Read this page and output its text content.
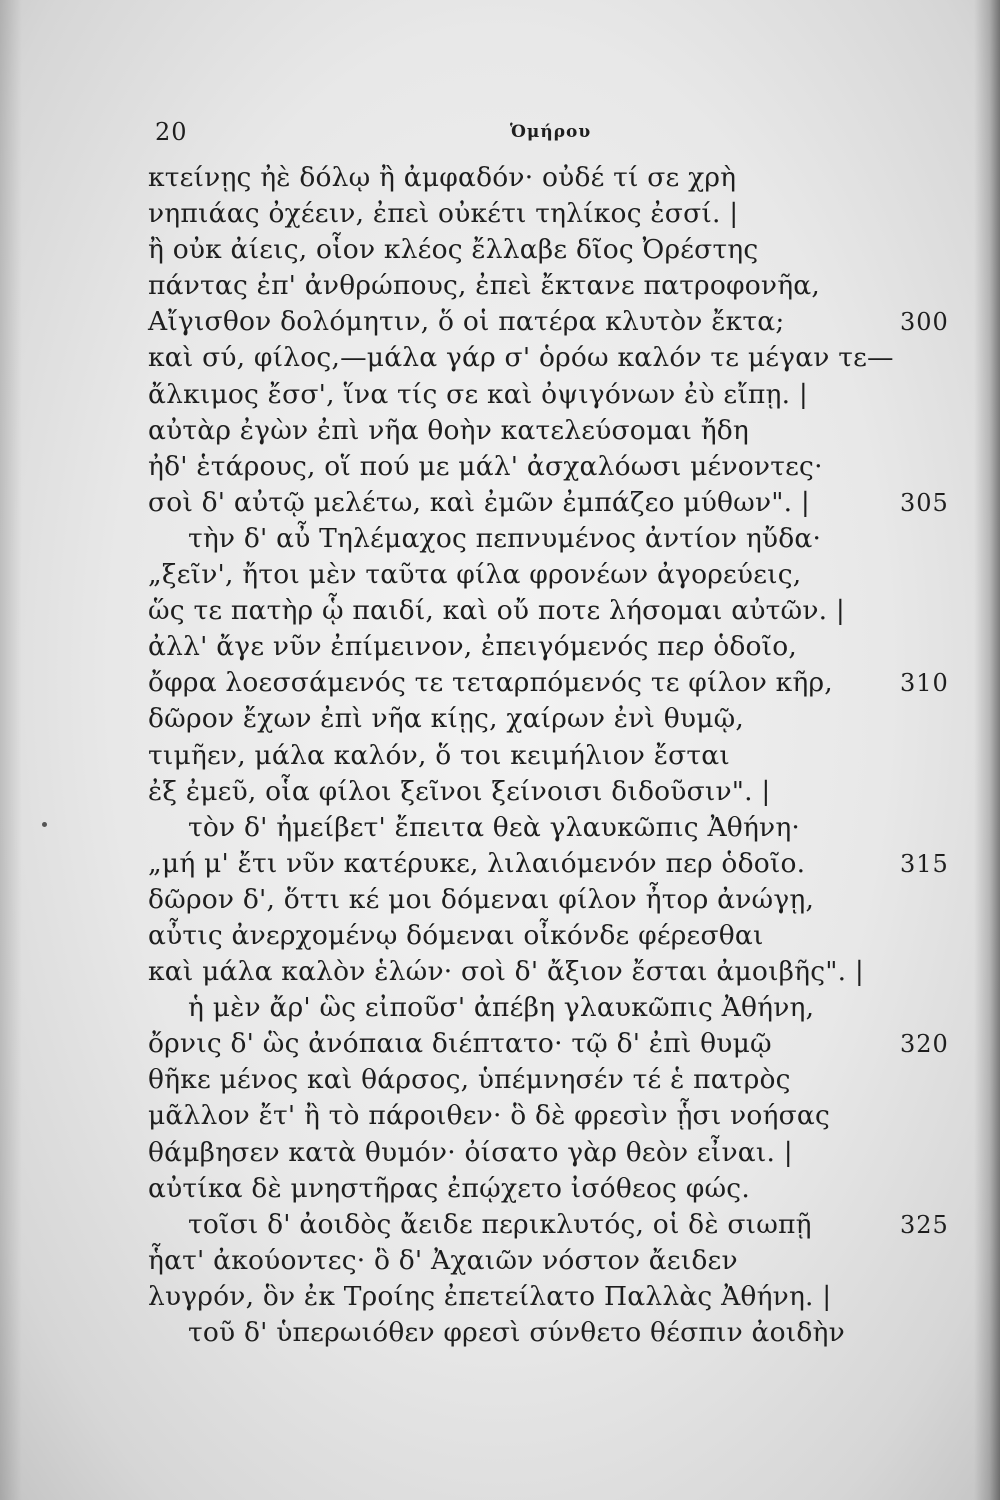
20	Ὁμήρου
κτείνῃς ἠὲ δόλῳ ἢ ἀμφαδόν· οὐδέ τί σε χρὴ
νηπιάας ὀχέειν, ἐπεὶ οὐκέτι τηλίκος ἐσσί. |
ἢ οὐκ ἀίεις, οἷον κλέος ἔλλαβε δῖος Ὀρέστης
πάντας ἐπ' ἀνθρώπους, ἐπεὶ ἔκτανε πατροφονῆα,
Αἴγισθον δολόμητιν, ὅ οἱ πατέρα κλυτὸν ἔκτα;	300
καὶ σύ, φίλος,—μάλα γάρ σ' ὁρόω καλόν τε μέγαν τε—
ἄλκιμος ἔσσ', ἵνα τίς σε καὶ ὀψιγόνων ἐὺ εἴπῃ. |
αὐτὰρ ἐγὼν ἐπὶ νῆα θοὴν κατελεύσομαι ἤδη
ἠδ' ἑτάρους, οἵ πού με μάλ' ἀσχαλόωσι μένοντες·
σοὶ δ' αὐτῷ μελέτω, καὶ ἐμῶν ἐμπάζεο μύθων". |	305
τὴν δ' αὖ Τηλέμαχος πεπνυμένος ἀντίον ηὔδα·
„ξεῖν', ἤτοι μὲν ταῦτα φίλα φρονέων ἀγορεύεις,
ὥς τε πατὴρ ᾧ παιδί, καὶ οὔ ποτε λήσομαι αὐτῶν. |
ἀλλ' ἄγε νῦν ἐπίμεινον, ἐπειγόμενός περ ὁδοῖο,
ὄφρα λοεσσάμενός τε τεταρπόμενός τε φίλον κῆρ,	310
δῶρον ἔχων ἐπὶ νῆα κίῃς, χαίρων ἐνὶ θυμῷ,
τιμῆεν, μάλα καλόν, ὅ τοι κειμήλιον ἔσται
ἐξ ἐμεῦ, οἷα φίλοι ξεῖνοι ξείνοισι διδοῦσιν". |
τὸν δ' ἠμείβετ' ἔπειτα θεὰ γλαυκῶπις Ἀθήνη·
„μή μ' ἔτι νῦν κατέρυκε, λιλαιόμενόν περ ὁδοῖο.	315
δῶρον δ', ὅττι κέ μοι δόμεναι φίλον ἦτορ ἀνώγῃ,
αὖτις ἀνερχομένῳ δόμεναι οἶκόνδε φέρεσθαι
καὶ μάλα καλὸν ἑλών· σοὶ δ' ἄξιον ἔσται ἀμοιβῆς". |
ἡ μὲν ἄρ' ὣς εἰποῦσ' ἀπέβη γλαυκῶπις Ἀθήνη,
ὄρνις δ' ὣς ἀνόπαια διέπτατο· τῷ δ' ἐπὶ θυμῷ	320
θῆκε μένος καὶ θάρσος, ὑπέμνησέν τέ ἑ πατρὸς
μᾶλλον ἔτ' ἢ τὸ πάροιθεν· ὃ δὲ φρεσὶν ᾗσι νοήσας
θάμβησεν κατὰ θυμόν· ὀίσατο γὰρ θεὸν εἶναι. |
αὐτίκα δὲ μνηστῆρας ἐπῴχετο ἰσόθεος φώς.
τοῖσι δ' ἀοιδὸς ἄειδε περικλυτός, οἱ δὲ σιωπῇ	325
ἧατ' ἀκούοντες· ὃ δ' Ἀχαιῶν νόστον ἄειδεν
λυγρόν, ὃν ἐκ Τροίης ἐπετείλατο Παλλὰς Ἀθήνη. |
τοῦ δ' ὑπερωιόθεν φρεσὶ σύνθετο θέσπιν ἀοιδὴν
